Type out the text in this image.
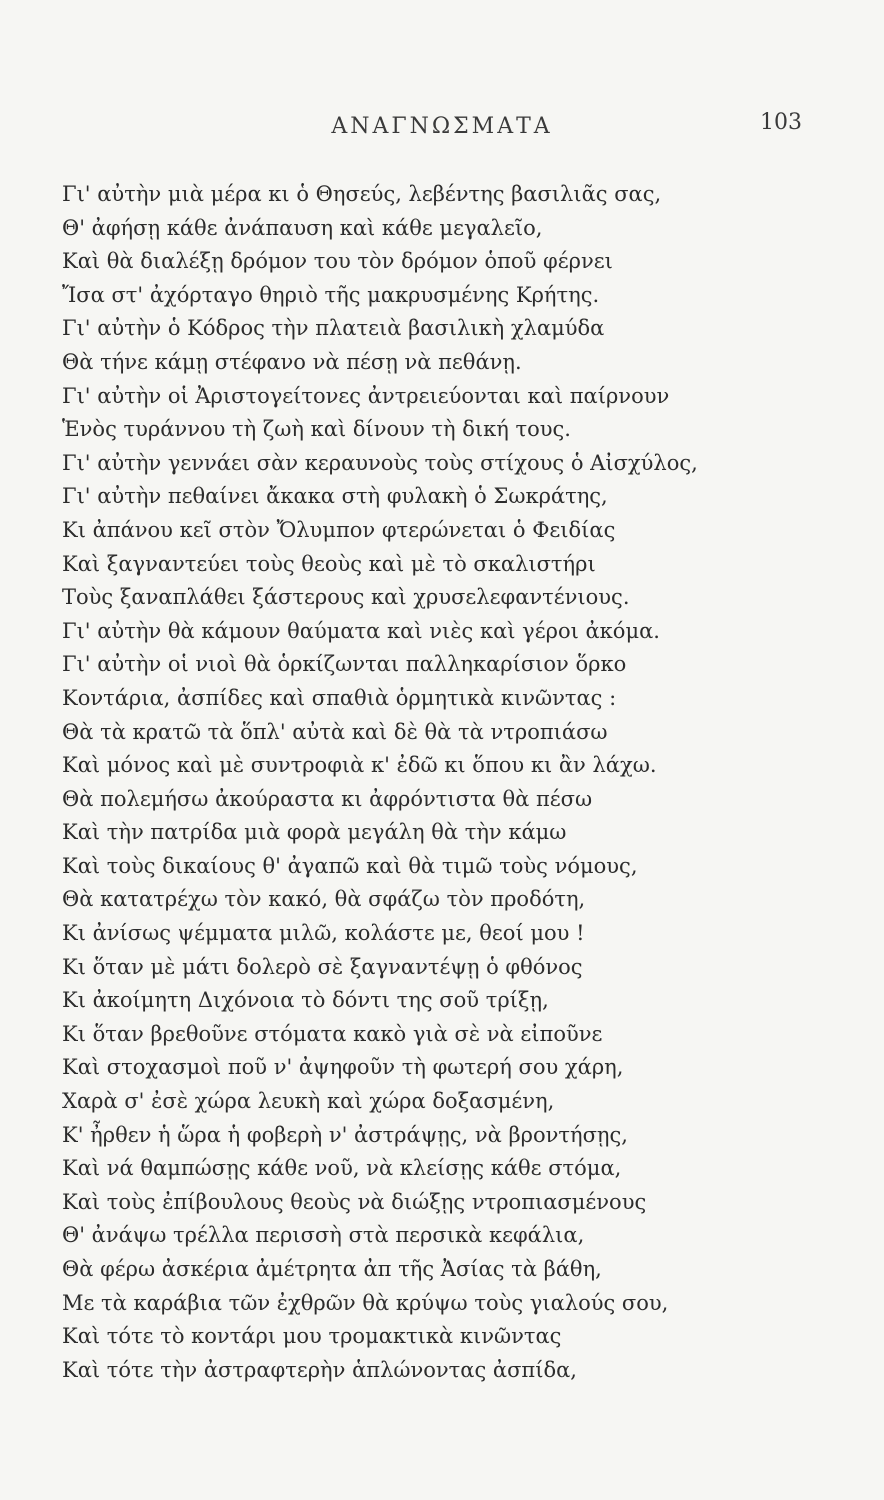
ΑΝΑΓΝΩΣΜΑΤΑ	103
Γι' αὐτὴν μιὰ μέρα κι ὁ Θησεύς, λεβέντης βασιλιᾶς σας,
Θ' ἀφήσῃ κάθε ἀνάπαυση καὶ κάθε μεγαλεῖο,
Καὶ θὰ διαλέξῃ δρόμον του τὸν δρόμον ὁποῦ φέρνει
Ἴσα στ' ἀχόρταγο θηριὸ τῆς μακρυσμένης Κρήτης.
Γι' αὐτὴν ὁ Κόδρος τὴν πλατειὰ βασιλικὴ χλαμύδα
Θὰ τήνε κάμῃ στέφανο νὰ πέσῃ νὰ πεθάνῃ.
Γι' αὐτὴν οἱ Ἀριστογείτονες ἀντρειεύονται καὶ παίρνουν
Ἑνὸς τυράννου τὴ ζωὴ καὶ δίνουν τὴ δική τους.
Γι' αὐτὴν γεννάει σὰν κεραυνοὺς τοὺς στίχους ὁ Αἰσχύλος,
Γι' αὐτὴν πεθαίνει ἄκακα στὴ φυλακὴ ὁ Σωκράτης,
Κι ἀπάνου κεῖ στὸν Ὄλυμπον φτερώνεται ὁ Φειδίας
Καὶ ξαγναντεύει τοὺς θεοὺς καὶ μὲ τὸ σκαλιστήρι
Τοὺς ξαναπλάθει ξάστερους καὶ χρυσελεφαντένιους.
Γι' αὐτὴν θὰ κάμουν θαύματα καὶ νιὲς καὶ γέροι ἀκόμα.
Γι' αὐτὴν οἱ νιοὶ θὰ ὁρκίζωνται παλληκαρίσιον ὅρκο
Κοντάρια, ἀσπίδες καὶ σπαθιὰ ὁρμητικὰ κινῶντας :
Θὰ τὰ κρατῶ τὰ ὅπλ' αὐτὰ καὶ δὲ θὰ τὰ ντροπιάσω
Καὶ μόνος καὶ μὲ συντροφιὰ κ' ἐδῶ κι ὅπου κι ἂν λάχω.
Θὰ πολεμήσω ἀκούραστα κι ἀφρόντιστα θὰ πέσω
Καὶ τὴν πατρίδα μιὰ φορὰ μεγάλη θὰ τὴν κάμω
Καὶ τοὺς δικαίους θ' ἀγαπῶ καὶ θὰ τιμῶ τοὺς νόμους,
Θὰ κατατρέχω τὸν κακό, θὰ σφάζω τὸν προδότη,
Κι ἀνίσως ψέμματα μιλῶ, κολάστε με, θεοί μου !
Κι ὅταν μὲ μάτι δολερὸ σὲ ξαγναντέψῃ ὁ φθόνος
Κι ἀκοίμητη Διχόνοια τὸ δόντι της σοῦ τρίξῃ,
Κι ὅταν βρεθοῦνε στόματα κακὸ γιὰ σὲ νὰ εἰποῦνε
Καὶ στοχασμοὶ ποῦ ν' ἀψηφοῦν τὴ φωτερή σου χάρη,
Χαρὰ σ' ἐσὲ χώρα λευκὴ καὶ χώρα δοξασμένη,
Κ' ἦρθεν ἡ ὥρα ἡ φοβερὴ ν' ἀστράψῃς, νὰ βροντήσῃς,
Καὶ νά θαμπώσῃς κάθε νοῦ, νὰ κλείσῃς κάθε στόμα,
Καὶ τοὺς ἐπίβουλους θεοὺς νὰ διώξῃς ντροπιασμένους
Θ' ἀνάψω τρέλλα περισσὴ στὰ περσικὰ κεφάλια,
Θὰ φέρω ἀσκέρια ἀμέτρητα ἀπ τῆς Ἀσίας τὰ βάθη,
Με τὰ καράβια τῶν ἐχθρῶν θὰ κρύψω τοὺς γιαλούς σου,
Καὶ τότε τὸ κοντάρι μου τρομακτικὰ κινῶντας
Καὶ τότε τὴν ἀστραφτερὴν ἁπλώνοντας ἀσπίδα,
